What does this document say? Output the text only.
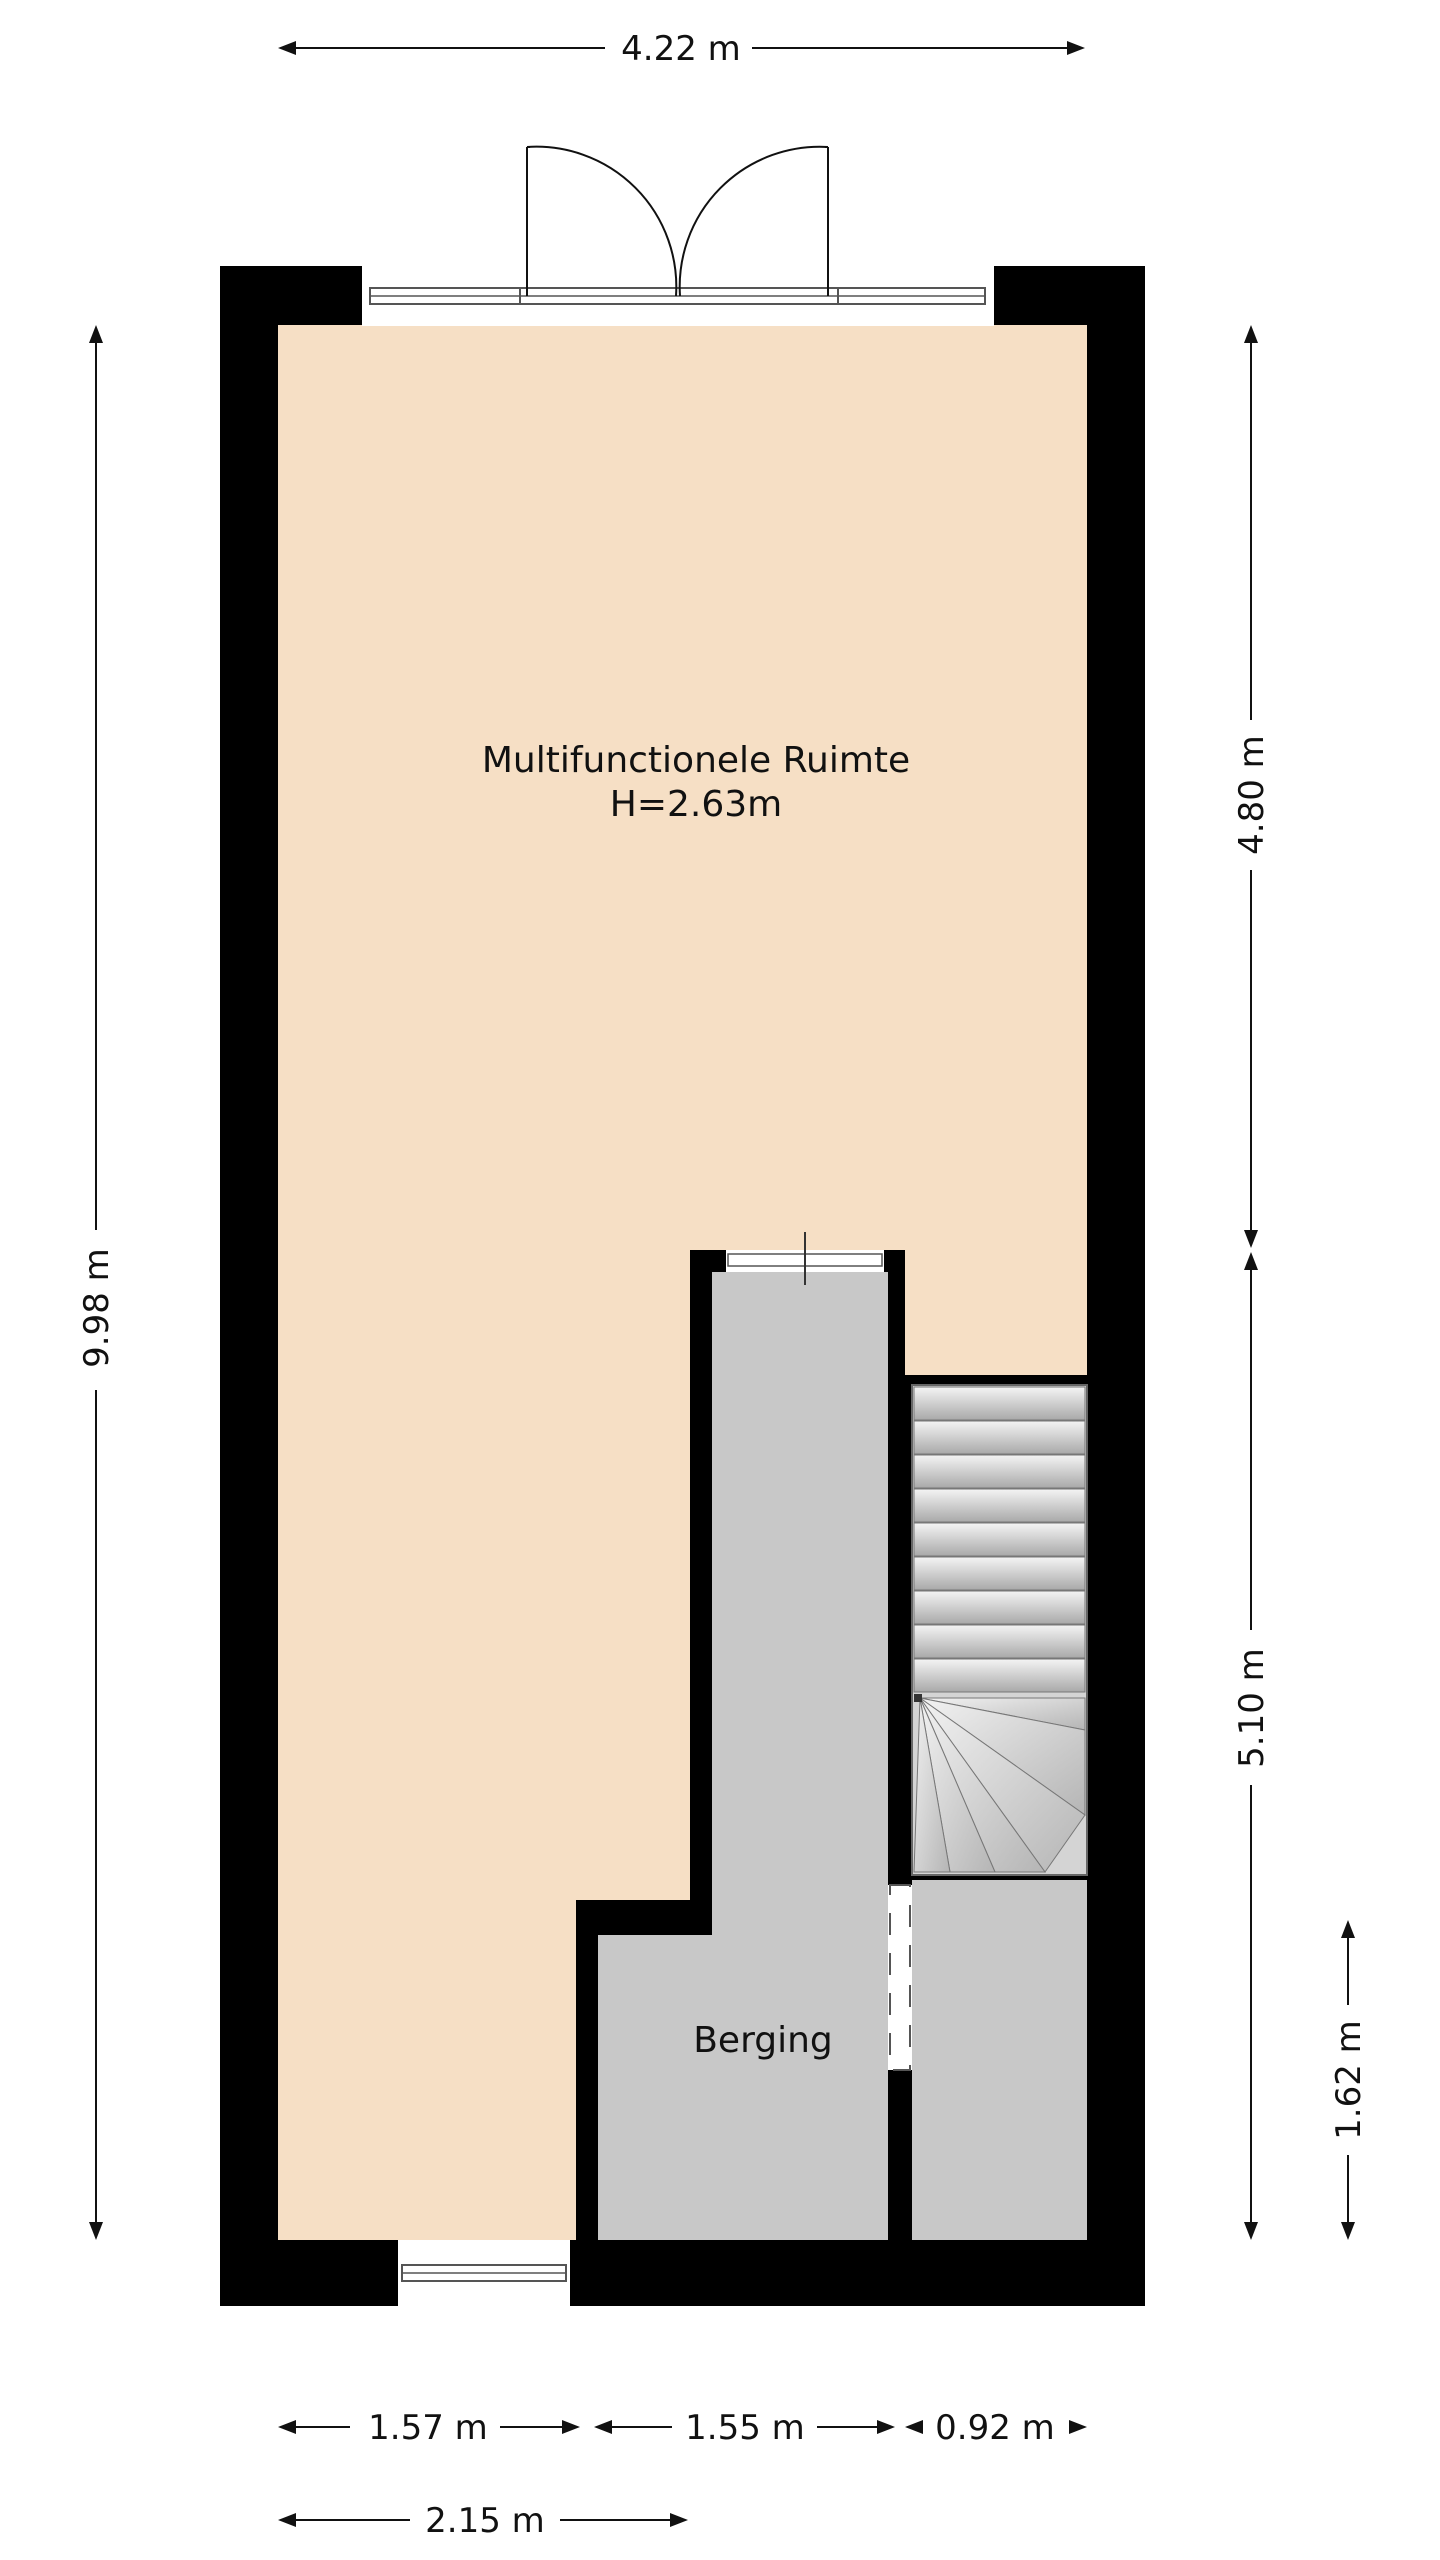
Multifunctionele Ruimte
H=2.63m
Berging
4.22 m
9.98 m
4.80 m
5.10 m
1.62 m
1.57 m	1.55 m	0.92 m
2.15 m
